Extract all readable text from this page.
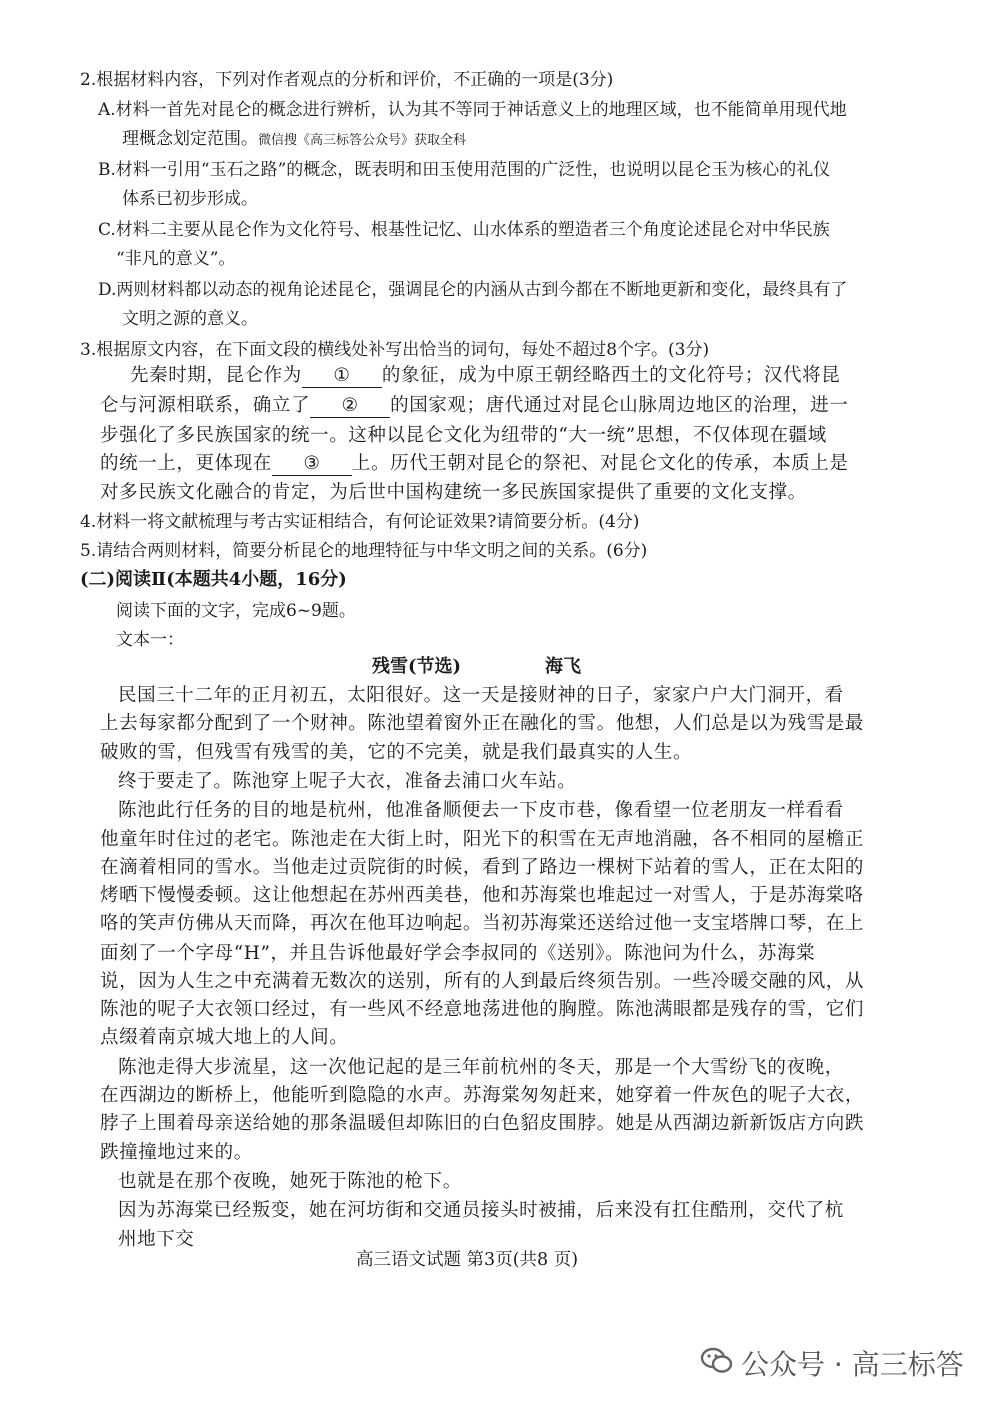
2.根据材料内容，下列对作者观点的分析和评价，不正确的一项是(3分)
A.材料一首先对昆仑的概念进行辨析，认为其不等同于神话意义上的地理区域，也不能简单用现代地
理概念划定范围。微信搜《高三标答公众号》获取全科
B.材料一引用“玉石之路”的概念，既表明和田玉使用范围的广泛性，也说明以昆仑玉为核心的礼仪
体系已初步形成。
C.材料二主要从昆仑作为文化符号、根基性记忆、山水体系的塑造者三个角度论述昆仑对中华民族
“非凡的意义”。
D.两则材料都以动态的视角论述昆仑，强调昆仑的内涵从古到今都在不断地更新和变化，最终具有了
文明之源的意义。
3.根据原文内容，在下面文段的横线处补写出恰当的词句，每处不超过8个字。(3分)
先秦时期，昆仑作为 ① 的象征，成为中原王朝经略西土的文化符号；汉代将昆
仑与河源相联系，确立了 ② 的国家观；唐代通过对昆仑山脉周边地区的治理，进一
步强化了多民族国家的统一。这种以昆仑文化为纽带的“大一统”思想，不仅体现在疆域
的统一上，更体现在 ③ 上。历代王朝对昆仑的祭祀、对昆仑文化的传承，本质上是
对多民族文化融合的肯定，为后世中国构建统一多民族国家提供了重要的文化支撑。
4.材料一将文献梳理与考古实证相结合，有何论证效果?请简要分析。(4分)
5.请结合两则材料，简要分析昆仑的地理特征与中华文明之间的关系。(6分)
(二)阅读Ⅱ(本题共4小题，16分)
阅读下面的文字，完成6~9题。
文本一：
残雪(节选)	海飞
民国三十二年的正月初五，太阳很好。这一天是接财神的日子，家家户户大门洞开，看
上去每家都分配到了一个财神。陈池望着窗外正在融化的雪。他想，人们总是以为残雪是最
破败的雪，但残雪有残雪的美，它的不完美，就是我们最真实的人生。
终于要走了。陈池穿上呢子大衣，准备去浦口火车站。
陈池此行任务的目的地是杭州，他准备顺便去一下皮市巷，像看望一位老朋友一样看看
他童年时住过的老宅。陈池走在大街上时，阳光下的积雪在无声地消融，各不相同的屋檐正
在滴着相同的雪水。当他走过贡院街的时候，看到了路边一棵树下站着的雪人，正在太阳的
烤晒下慢慢委顿。这让他想起在苏州西美巷，他和苏海棠也堆起过一对雪人，于是苏海棠咯
咯的笑声仿佛从天而降，再次在他耳边响起。当初苏海棠还送给过他一支宝塔牌口琴，在上
面刻了一个字母“H”，并且告诉他最好学会李叔同的《送别》。陈池问为什么，苏海棠
说，因为人生之中充满着无数次的送别，所有的人到最后终须告别。一些冷暖交融的风，从
陈池的呢子大衣领口经过，有一些风不经意地荡进他的胸膛。陈池满眼都是残存的雪，它们
点缀着南京城大地上的人间。
陈池走得大步流星，这一次他记起的是三年前杭州的冬天，那是一个大雪纷飞的夜晚，
在西湖边的断桥上，他能听到隐隐的水声。苏海棠匆匆赶来，她穿着一件灰色的呢子大衣，
脖子上围着母亲送给她的那条温暖但却陈旧的白色貂皮围脖。她是从西湖边新新饭店方向跌
跌撞撞地过来的。
也就是在那个夜晚，她死于陈池的枪下。
因为苏海棠已经叛变，她在河坊街和交通员接头时被捕，后来没有扛住酷刑，交代了杭
州地下交
高三语文试题 第3页(共8 页)
公众号 · 高三标答
